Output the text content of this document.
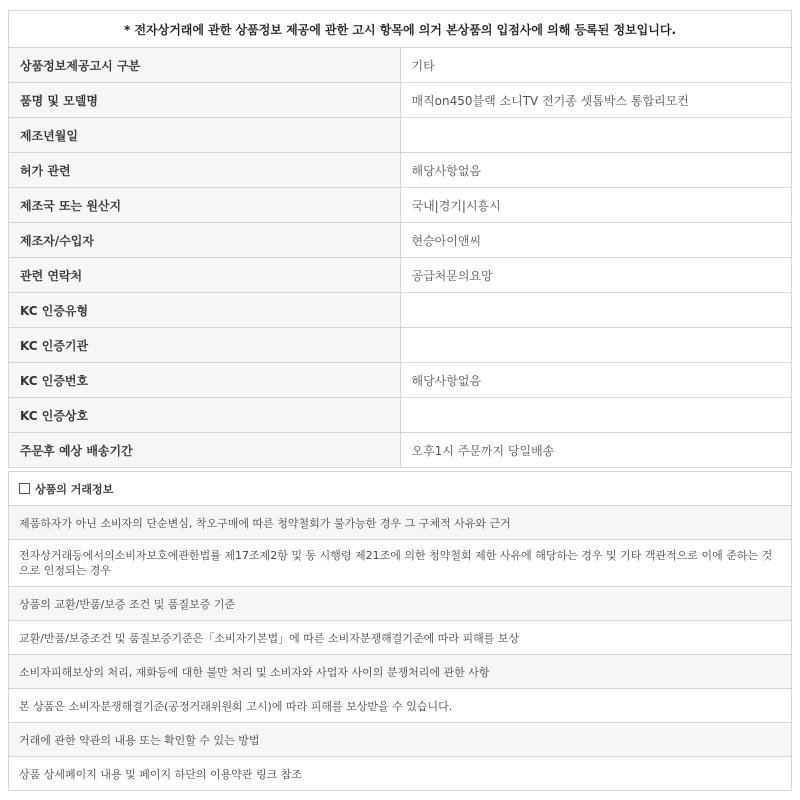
* 전자상거래에 관한 상품정보 제공에 관한 고시 항목에 의거 본상품의 입점사에 의해 등록된 정보입니다.	
상품정보제공고시 구분	기타
품명 및 모델명	매직on450블랙 소니TV 전기종 셋톱박스 통합리모컨
제조년월일	
허가 관련	해당사항없음
제조국 또는 원산지	국내|경기|시흥시
제조자/수입자	현승아이앤씨
관련 연락처	공급처문의요망
KC 인증유형	
KC 인증기관	
KC 인증번호	해당사항없음
KC 인증상호	
주문후 예상 배송기간	오후1시 주문까지 당일배송
상품의 거래정보
제품하자가 아닌 소비자의 단순변심, 착오구매에 따른 청약철회가 불가능한 경우 그 구체적 사유와 근거
전자상거래등에서의소비자보호에관한법률 제17조제2항 및 동 시행령 제21조에 의한 청약철회 제한 사유에 해당하는 경우 및 기타 객관적으로 이에 준하는 것으로 인정되는 경우
상품의 교환/반품/보증 조건 및 품질보증 기준
교환/반품/보증조건 및 품질보증기준은「소비자기본법」에 따른 소비자분쟁해결기준에 따라 피해를 보상
소비자피해보상의 처리, 재화등에 대한 불만 처리 및 소비자와 사업자 사이의 분쟁처리에 관한 사항
본 상품은 소비자분쟁해결기준(공정거래위원회 고시)에 따라 피해를 보상받을 수 있습니다.
거래에 관한 약관의 내용 또는 확인할 수 있는 방법
상품 상세페이지 내용 및 페이지 하단의 이용약관 링크 참조
